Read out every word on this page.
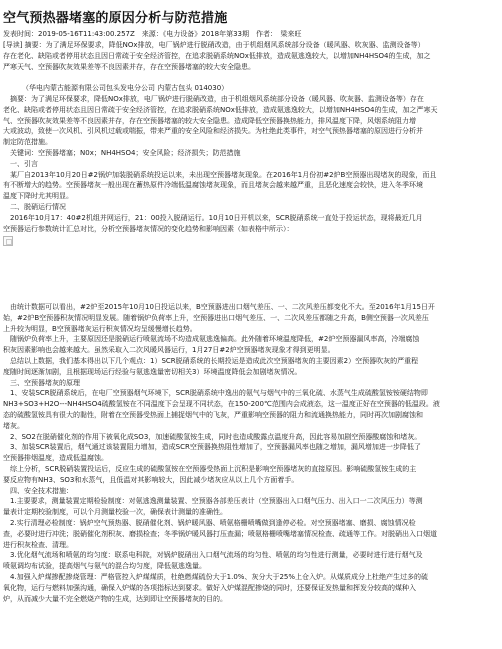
空气预热器堵塞的原因分析与防范措施
发表时间：2019-05-16T11:43:00.257Z　来源：《电力设备》2018年第33期　作者：　梁来旺
[导读] 摘要：为了满足环保要求，降低NOx排放，电厂锅炉进行脱硝改造，由于机组烟风系统部分设备（暖风器、吹灰器、监测设备等）
存在老化、缺陷或者停用状态且因日常疏于安全经济管控，在追求脱硝系统NOx低排放，造成氨逃逸较大，以增加NH4HSO4的生成，加之
严寒天气、空预器吹灰效果差等不良因素并存，存在空预器堵塞的较大安全隐患。
（华电内蒙古能源有限公司包头发电分公司 内蒙古包头 014030）
　摘要：为了满足环保要求，降低NOx排放，电厂锅炉进行脱硝改造，由于机组烟风系统部分设备（暖风器、吹灰器、监测设备等）存在
老化、缺陷或者停用状态且因日常疏于安全经济管控，在追求脱硝系统NOx低排放，造成氨逃逸较大，以增加NH4HSO4的生成，加之严寒天
气、空预器吹灰效果差等不良因素并存，存在空预器堵塞的较大安全隐患。造成降低空预器换热能力，排风温度下降，风烟系统阻力增
大或波动，致使一次风机、引风机过载或喘振，带来严重的安全风险和经济损失。为杜绝此类事件，对空气预热器堵塞的原因进行分析并
制定防范措施。
　关键词：空预器堵塞；N0x；NH4HSO4；安全风险；经济损失；防范措施
　一、引言
　某厂自2013年10月20日#2锅炉加装脱硝系统投运以来，未出现空预器堵灰现象。在2016年1月份初#2炉B空预器出现堵灰的现象，而且
有不断增大的趋势。空预器堵灰一般出现在蓄热原件冷端低温腐蚀堵灰现象，而且堵灰会越来越严重，且恶化速度会较快，进入冬季环境
温度下降时尤其明显。
　二、脱硝运行情况
　2016年10月17：40#2机组并网运行，21：00投入脱硝运行。10月10日开机以来，SCR脱硝系统一直处于投运状态，现将最近几月
空预器运行参数统计汇总对比，分析空预器堵灰情况的变化趋势和影响因素（如表格中所示）：
　由统计数据可以看出，#2炉至2015年10月10日投运以来，B空预器进出口烟气差压、一、二次风差压都变化不大。至2016年1月15日开
始，#2炉B空预器积灰情况明显发展。随着锅炉负荷率上升，空预器进出口烟气差压、一、二次风差压都随之升高，B侧空预器一次风差压
上升较为明显，B空预器堵灰运行积灰情况均呈缓慢增长趋势。
　随锅炉负荷率上升，主要原因还是脱硝运行喷氨流场不均造成氨逃逸偏高。此外随着环境温度降低，#2炉空预器漏风率高，冷端腐蚀
积灰因素影响也会越来越大。虽然采取入二次风暖风器运行，1月27日#2炉空预器堵灰现象才得到更明显。
　总结以上数据，我们基本得出以下几个观点：1）SCR脱硝系统的长期投运是造成此次空预器堵灰的主要因素2）空预器吹灰的严重程
度随时间逐渐加剧，且根据现场运行经验与氨逃逸量密切相关3）环境温度降低会加剧堵灰情况。
　三、空预器堵灰的原理
　1、安装SCR脱硝系统后，在电厂空预器烟气环境下，SCR脱硝系统中逸出的氨气与烟气中的三氧化硫、水蒸气生成硫酸氢铵铵硬结物即
NH3+SO3+H2O---NH4HSO4硫酸氢铵在不同温度下会呈现不同状态，在150-200℃范围内会成液态，这一温度正好在空预器的低温段。液
态的硫酸氢铵具有很大的黏性，附着在空预器受热面上捕捉烟气中的飞灰，严重影响空预器的阻力和流通换热能力，同时再次加剧腐蚀和
堵灰。
　2、SO2在脱硝催化剂的作用下被氧化成SO3，加速硫酸氢铵生成，同时也造成酸露点温度升高，因此容易加剧空预器酸腐蚀和堵灰。
　3、加装SCR装置后，烟气通过该装置阻力增加，造成SCR空预器换热阻性增加了，空预器漏风率也随之增加，漏风增加进一步降低了
空预器排烟温度，造成低温腐蚀。
　综上分析，SCR脱硝装置投运后，反应生成的硫酸氢铵在空预器受热面上沉积是影响空预器堵灰的直接原因。影响硫酸氢铵生成的主
要反应物有NH3、SO3和水蒸气，且低温对其影响较大，因此减少堵灰应从以上几个方面着手。
　四、安全技术措施：
　1.主要要求，测量装置定期检验制度：对氨逃逸测量装置、空预器各部差压表计（空预器出入口烟气压力、出入口一二次风压力）等测
量表计定期校验制度，可以个月测量校验一次，确保表计测量的准确性。
　2.实行清理必检制度：锅炉空气预热器、脱硝催化剂、锅炉暖风器、喷氨格栅喷嘴做到逢停必检。对空预器堵塞、磨损、腐蚀情况检
查，必要时进行冲洗；脱硝催化剂积灰、磨损检查；冬季锅炉暖风器打压查漏；喷氨格栅喷嘴堵塞情况检查、疏通等工作。对脱硝出入口烟道
进行积灰检查、清理。
　3.优化烟气流场和喷氨的均匀度：联系电科院，对锅炉脱硝出入口烟气流场的均匀性、喷氨的均匀性进行测量，必要时进行进行烟气及
喷氨调均布试验，提高烟气与氨气的混合均匀度，降低氨逃逸量。
　4.加强入炉煤掺配掺烧管理：严格管控入炉煤煤质，杜绝燃煤硫份大于1.0%、灰分大于25%上仓入炉。从煤质成分上杜绝产生过多的硫
氧化物，运行与燃料加强沟通，确保入炉煤的各项指标达到要求。做好入炉煤混配掺烧的同时，还要保证发热量和挥发分较高的煤种入
炉，从而减少大量不完全燃烧产物的生成，达到即让空预器堵灰的目的。
